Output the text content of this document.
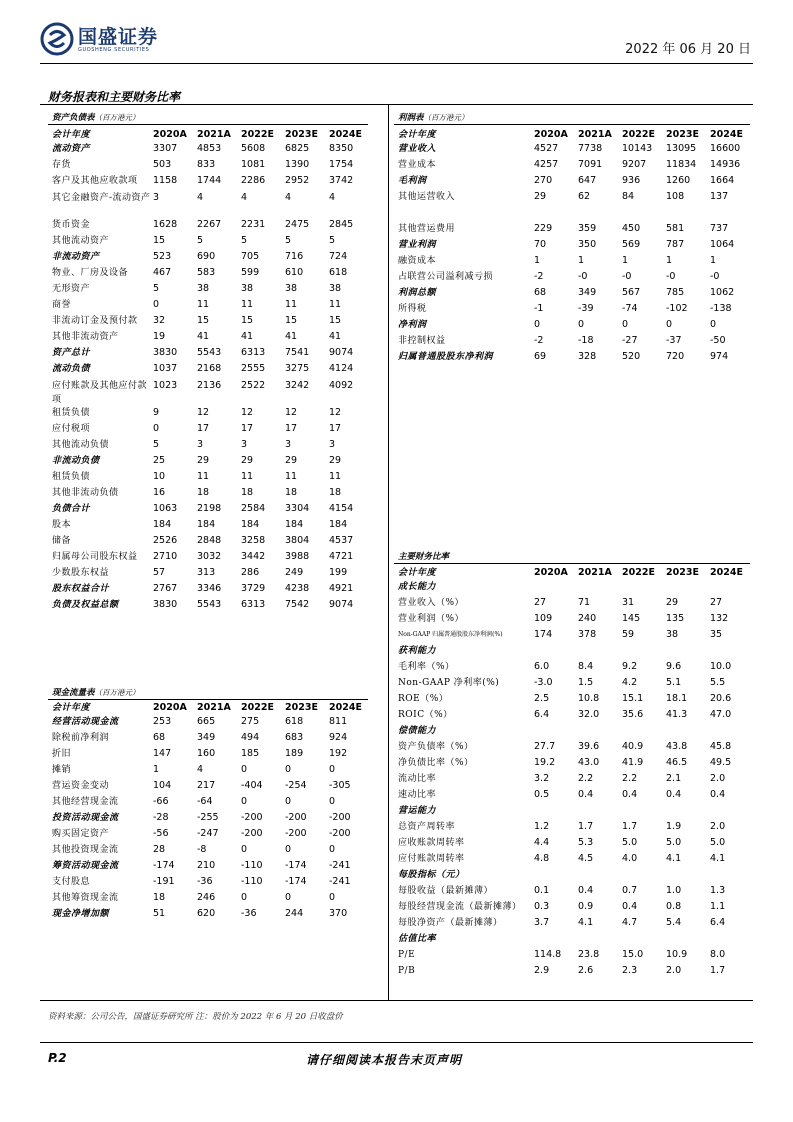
国盛证券
GUOSHENG SECURITIES	2022 年 06 月 20 日
财务报表和主要财务比率
资产负债表（百万港元）
会计年度	2020A	2021A	2022E	2023E	2024E
流动资产	3307	4853	5608	6825	8350
存货	503	833	1081	1390	1754
客户及其他应收款项	1158	1744	2286	2952	3742
其它金融资产-流动资产	3	4	4	4	4
货币资金	1628	2267	2231	2475	2845
其他流动资产	15	5	5	5	5
非流动资产	523	690	705	716	724
物业、厂房及设备	467	583	599	610	618
无形资产	5	38	38	38	38
商誉	0	11	11	11	11
非流动订金及预付款	32	15	15	15	15
其他非流动资产	19	41	41	41	41
资产总计	3830	5543	6313	7541	9074
流动负债	1037	2168	2555	3275	4124
应付账款及其他应付款项	1023	2136	2522	3242	4092
租赁负债	9	12	12	12	12
应付税项	0	17	17	17	17
其他流动负债	5	3	3	3	3
非流动负债	25	29	29	29	29
租赁负债	10	11	11	11	11
其他非流动负债	16	18	18	18	18
负债合计	1063	2198	2584	3304	4154
股本	184	184	184	184	184
储备	2526	2848	3258	3804	4537
归属母公司股东权益	2710	3032	3442	3988	4721
少数股东权益	57	313	286	249	199
股东权益合计	2767	3346	3729	4238	4921
负债及权益总额	3830	5543	6313	7542	9074
利润表（百万港元）
会计年度	2020A	2021A	2022E	2023E	2024E
营业收入	4527	7738	10143	13095	16600
营业成本	4257	7091	9207	11834	14936
毛利润	270	647	936	1260	1664
其他运营收入	29	62	84	108	137

其他营运费用	229	359	450	581	737
营业利润	70	350	569	787	1064
融资成本	1	1	1	1	1
占联营公司溢利减亏损	-2	-0	-0	-0	-0
利润总额	68	349	567	785	1062
所得税	-1	-39	-74	-102	-138
净利润	0	0	0	0	0
非控制权益	-2	-18	-27	-37	-50
归属普通股股东净利润	69	328	520	720	974
现金流量表（百万港元）
会计年度	2020A	2021A	2022E	2023E	2024E
经营活动现金流	253	665	275	618	811
除税前净利润	68	349	494	683	924
折旧	147	160	185	189	192
摊销	1	4	0	0	0
营运资金变动	104	217	-404	-254	-305
其他经营现金流	-66	-64	0	0	0
投资活动现金流	-28	-255	-200	-200	-200
购买固定资产	-56	-247	-200	-200	-200
其他投资现金流	28	-8	0	0	0
筹资活动现金流	-174	210	-110	-174	-241
支付股息	-191	-36	-110	-174	-241
其他筹资现金流	18	246	0	0	0
现金净增加额	51	620	-36	244	370
主要财务比率
会计年度	2020A	2021A	2022E	2023E	2024E
成长能力					
营业收入（%）	27	71	31	29	27
营业利润（%）	109	240	145	135	132
Non-GAAP 归属普通股股东净利润(%)	174	378	59	38	35
获利能力					
毛利率（%）	6.0	8.4	9.2	9.6	10.0
Non-GAAP 净利率(%)	-3.0	1.5	4.2	5.1	5.5
ROE（%）	2.5	10.8	15.1	18.1	20.6
ROIC（%）	6.4	32.0	35.6	41.3	47.0
偿债能力					
资产负债率（%）	27.7	39.6	40.9	43.8	45.8
净负债比率（%）	19.2	43.0	41.9	46.5	49.5
流动比率	3.2	2.2	2.2	2.1	2.0
速动比率	0.5	0.4	0.4	0.4	0.4
营运能力					
总资产周转率	1.2	1.7	1.7	1.9	2.0
应收账款周转率	4.4	5.3	5.0	5.0	5.0
应付账款周转率	4.8	4.5	4.0	4.1	4.1
每股指标（元）					
每股收益（最新摊薄）	0.1	0.4	0.7	1.0	1.3
每股经营现金流（最新摊薄）	0.3	0.9	0.4	0.8	1.1
每股净资产（最新摊薄）	3.7	4.1	4.7	5.4	6.4
估值比率					
P/E	114.8	23.8	15.0	10.9	8.0
P/B	2.9	2.6	2.3	2.0	1.7
资料来源：公司公告，国盛证券研究所 注：股价为 2022 年 6 月 20 日收盘价
P.2	请仔细阅读本报告末页声明
